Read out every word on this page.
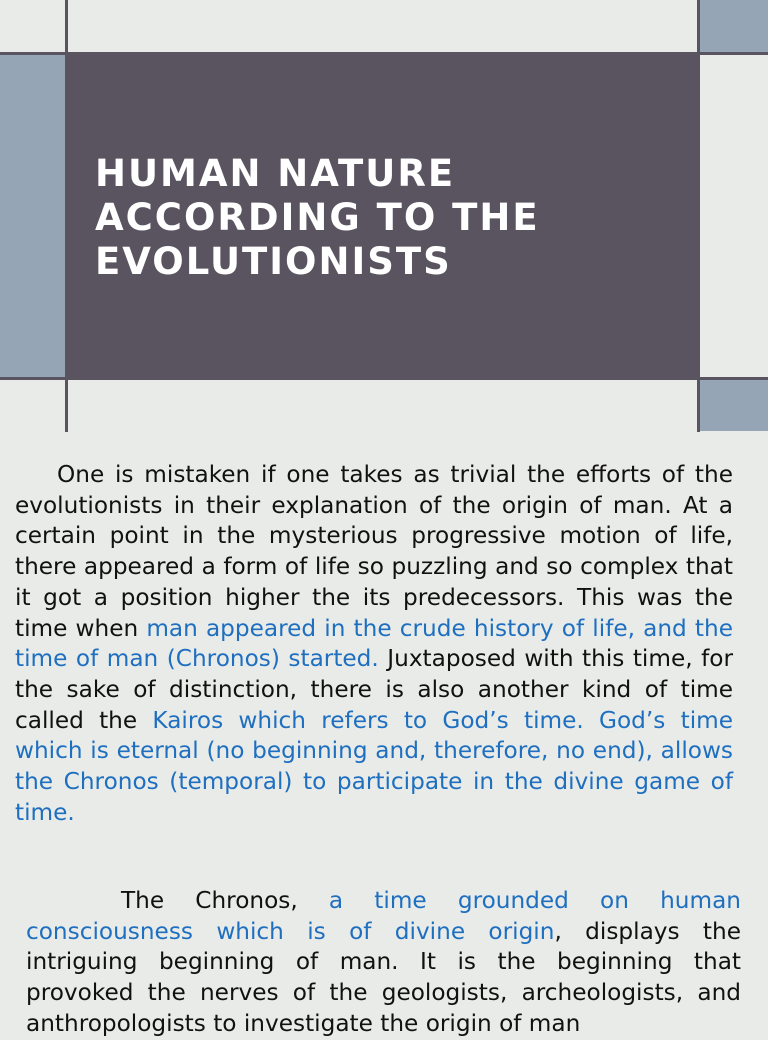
HUMAN NATURE ACCORDING TO THE EVOLUTIONISTS

One is mistaken if one takes as trivial the efforts of the evolutionists in their explanation of the origin of man. At a certain point in the mysterious progressive motion of life, there appeared a form of life so puzzling and so complex that it got a position higher the its predecessors. This was the time when man appeared in the crude history of life, and the time of man (Chronos) started. Juxtaposed with this time, for the sake of distinction, there is also another kind of time called the Kairos which refers to God’s time. God’s time which is eternal (no beginning and, therefore, no end), allows the Chronos (temporal) to participate in the divine game of time.

The Chronos, a time grounded on human consciousness which is of divine origin, displays the intriguing beginning of man. It is the beginning that provoked the nerves of the geologists, archeologists, and anthropologists to investigate the origin of man
